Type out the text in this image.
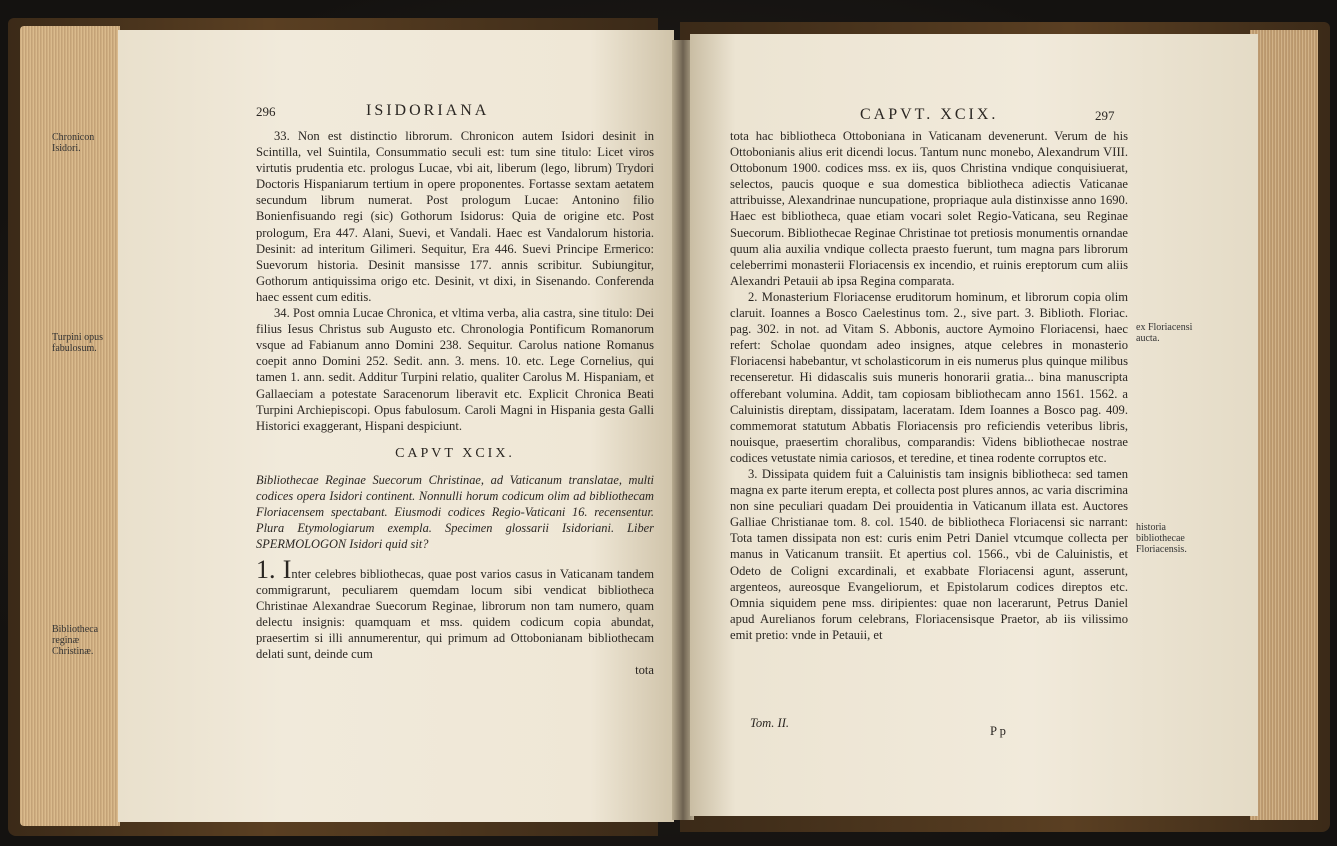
296	ISIDORIANA
Chronicon Isidori.
Turpini opus fabulosum.
Bibliotheca reginæ Christinæ.

33. Non est distinctio librorum. Chronicon autem Isidori desinit in Scintilla, vel Suintila, Consummatio seculi est: tum sine titulo: Licet viros virtutis prudentia etc. prologus Lucae, vbi ait, liberum (lego, librum) Trydori Doctoris Hispaniarum tertium in opere proponentes. Fortasse sextam aetatem secundum librum numerat. Post prologum Lucae: Antonino filio Bonienfisuando regi (sic) Gothorum Isidorus: Quia de origine etc. Post prologum, Era 447. Alani, Suevi, et Vandali. Haec est Vandalorum historia. Desinit: ad interitum Gilimeri. Sequitur, Era 446. Suevi Principe Ermerico: Suevorum historia. Desinit mansisse 177. annis scribitur. Subiungitur, Gothorum antiquissima origo etc. Desinit, vt dixi, in Sisenando. Conferenda haec essent cum editis.

34. Post omnia Lucae Chronica, et vltima verba, alia castra, sine titulo: Dei filius Iesus Christus sub Augusto etc. Chronologia Pontificum Romanorum vsque ad Fabianum anno Domini 238. Sequitur. Carolus natione Romanus coepit anno Domini 252. Sedit. ann. 3. mens. 10. etc. Lege Cornelius, qui tamen 1. ann. sedit. Additur Turpini relatio, qualiter Carolus M. Hispaniam, et Gallaeciam a potestate Saracenorum liberavit etc. Explicit Chronica Beati Turpini Archiepiscopi. Opus fabulosum. Caroli Magni in Hispania gesta Galli Historici exaggerant, Hispani despiciunt.

CAPVT XCIX.
Bibliothecae Reginae Suecorum Christinae, ad Vaticanum translatae, multi codices opera Isidori continent. Nonnulli horum codicum olim ad bibliothecam Floriacensem spectabant. Eiusmodi codices Regio-Vaticani 16. recensentur. Plura Etymologiarum exempla. Specimen glossarii Isidoriani. Liber SPERMOLOGON Isidori quid sit?

1. Inter celebres bibliothecas, quae post varios casus in Vaticanam tandem commigrarunt, peculiarem quemdam locum sibi vendicat bibliotheca Christinae Alexandrae Suecorum Reginae, librorum non tam numero, quam delectu insignis: quamquam et mss. quidem codicum copia abundat, praesertim si illi annumerentur, qui primum ad Ottobonianam bibliothecam delati sunt, deinde cum

tota
CAPVT. XCIX.	297

tota hac bibliotheca Ottoboniana in Vaticanam devenerunt. Verum de his Ottobonianis alius erit dicendi locus. Tantum nunc monebo, Alexandrum VIII. Ottobonum 1900. codices mss. ex iis, quos Christina vndique conquisiuerat, selectos, paucis quoque e sua domestica bibliotheca adiectis Vaticanae attribuisse, Alexandrinae nuncupatione, propriaque aula distinxisse anno 1690. Haec est bibliotheca, quae etiam vocari solet Regio-Vaticana, seu Reginae Suecorum. Bibliothecae Reginae Christinae tot pretiosis monumentis ornandae quum alia auxilia vndique collecta praesto fuerunt, tum magna pars librorum celeberrimi monasterii Floriacensis ex incendio, et ruinis ereptorum cum aliis Alexandri Petauii ab ipsa Regina comparata.

2. Monasterium Floriacense eruditorum hominum, et librorum copia olim claruit. Ioannes a Bosco Caelestinus tom. 2., sive part. 3. Biblioth. Floriac. pag. 302. in not. ad Vitam S. Abbonis, auctore Aymoino Floriacensi, haec refert: Scholae quondam adeo insignes, atque celebres in monasterio Floriacensi habebantur, vt scholasticorum in eis numerus plus quinque milibus recenseretur. Hi didascalis suis muneris honorarii gratia... bina manuscripta offerebant volumina. Addit, tam copiosam bibliothecam anno 1561. 1562. a Caluinistis direptam, dissipatam, laceratam. Idem Ioannes a Bosco pag. 409. commemorat statutum Abbatis Floriacensis pro reficiendis veteribus libris, nouisque, praesertim choralibus, comparandis: Videns bibliothecae nostrae codices vetustate nimia cariosos, et teredine, et tinea rodente corruptos etc.

3. Dissipata quidem fuit a Caluinistis tam insignis bibliotheca: sed tamen magna ex parte iterum erepta, et collecta post plures annos, ac varia discrimina non sine peculiari quadam Dei prouidentia in Vaticanum illata est. Auctores Galliae Christianae tom. 8. col. 1540. de bibliotheca Floriacensi sic narrant: Tota tamen dissipata non est: curis enim Petri Daniel vtcumque collecta per manus in Vaticanum transiit. Et apertius col. 1566., vbi de Caluinistis, et Odeto de Coligni excardinali, et exabbate Floriacensi agunt, asserunt, argenteos, aureosque Evangeliorum, et Epistolarum codices direptos etc. Omnia siquidem pene mss. diripientes: quae non lacerarunt, Petrus Daniel apud Aurelianos forum celebrans, Floriacensisque Praetor, ab iis vilissimo emit pretio: vnde in Petauii, et

ex Floriacensi aucta.
historia bibliothecae Floriacensis.
Tom. II.
P p
